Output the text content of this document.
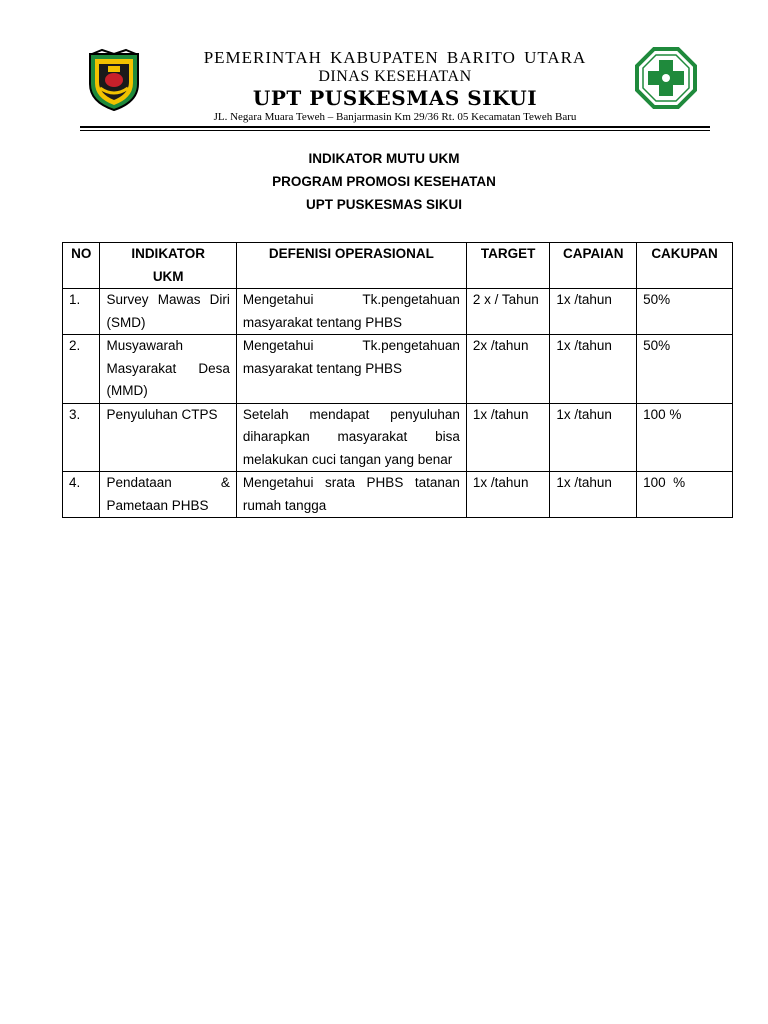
PEMERINTAH KABUPATEN BARITO UTARA
DINAS KESEHATAN
UPT PUSKESMAS SIKUI
JL. Negara Muara Teweh – Banjarmasin Km 29/36 Rt. 05 Kecamatan Teweh Baru
INDIKATOR MUTU UKM
PROGRAM PROMOSI KESEHATAN
UPT PUSKESMAS SIKUI
NO	INDIKATOR UKM	DEFENISI OPERASIONAL	TARGET	CAPAIAN	CAKUPAN
1.	Survey Mawas Diri (SMD)	Mengetahui Tk.pengetahuan masyarakat tentang PHBS	2 x / Tahun	1x /tahun	50%
2.	Musyawarah Masyarakat Desa (MMD)	Mengetahui Tk.pengetahuan masyarakat tentang PHBS	2x /tahun	1x /tahun	50%
3.	Penyuluhan CTPS	Setelah mendapat penyuluhan diharapkan masyarakat bisa melakukan cuci tangan yang benar	1x /tahun	1x /tahun	100 %
4.	Pendataan & Pametaan PHBS	Mengetahui srata PHBS tatanan rumah tangga	1x /tahun	1x /tahun	100  %
